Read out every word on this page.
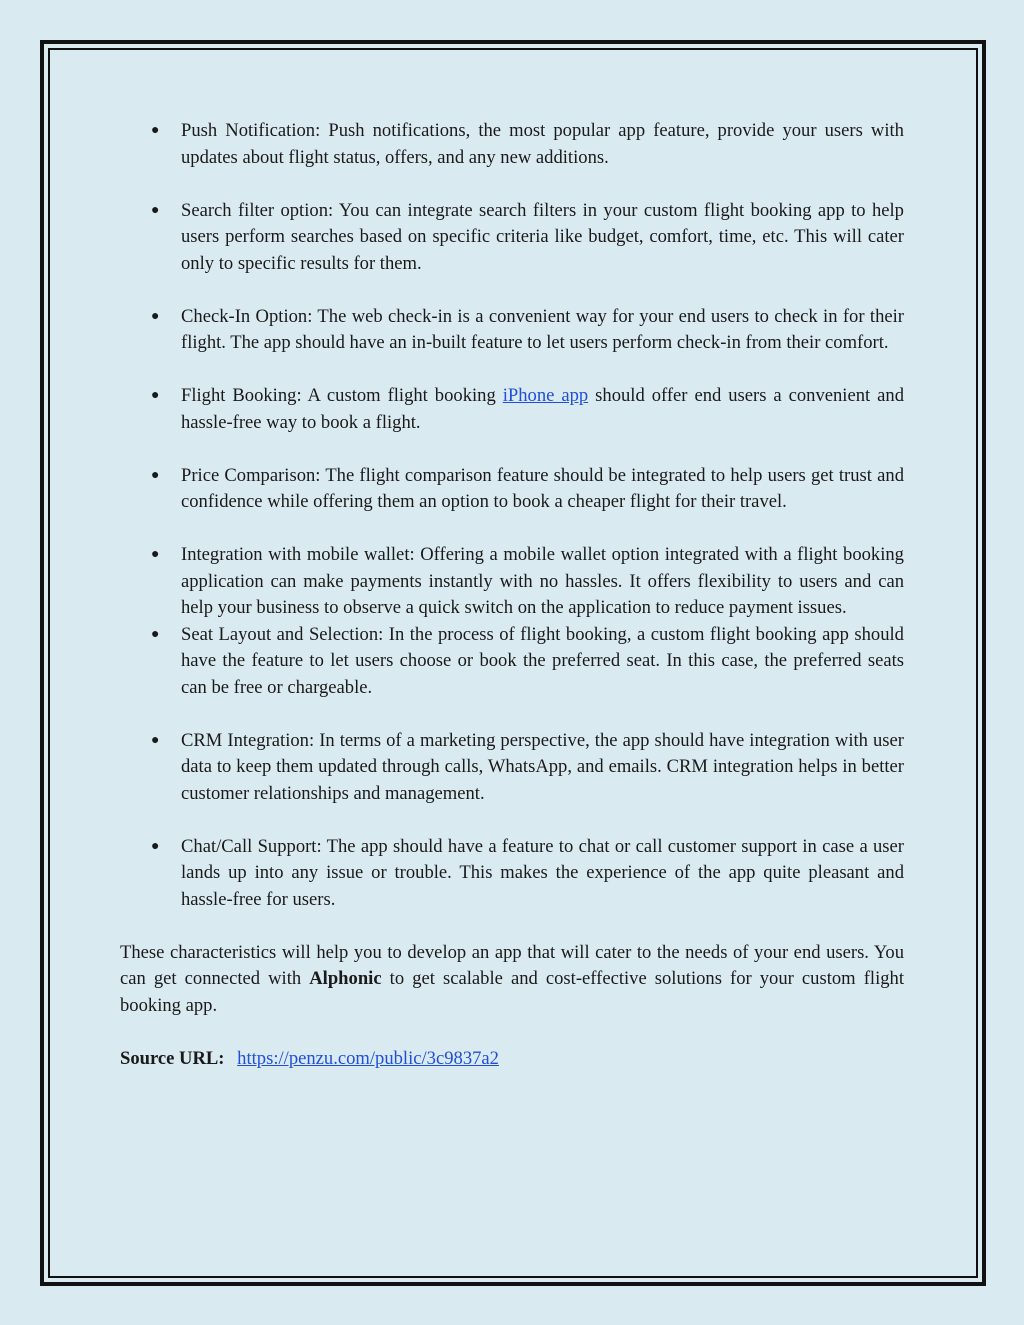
● Push Notification: Push notifications, the most popular app feature, provide your users with updates about flight status, offers, and any new additions.
● Search filter option: You can integrate search filters in your custom flight booking app to help users perform searches based on specific criteria like budget, comfort, time, etc. This will cater only to specific results for them.
● Check-In Option: The web check-in is a convenient way for your end users to check in for their flight. The app should have an in-built feature to let users perform check-in from their comfort.
● Flight Booking: A custom flight booking iPhone app should offer end users a convenient and hassle-free way to book a flight.
● Price Comparison: The flight comparison feature should be integrated to help users get trust and confidence while offering them an option to book a cheaper flight for their travel.
● Integration with mobile wallet: Offering a mobile wallet option integrated with a flight booking application can make payments instantly with no hassles. It offers flexibility to users and can help your business to observe a quick switch on the application to reduce payment issues.
● Seat Layout and Selection: In the process of flight booking, a custom flight booking app should have the feature to let users choose or book the preferred seat. In this case, the preferred seats can be free or chargeable.
● CRM Integration: In terms of a marketing perspective, the app should have integration with user data to keep them updated through calls, WhatsApp, and emails. CRM integration helps in better customer relationships and management.
● Chat/Call Support: The app should have a feature to chat or call customer support in case a user lands up into any issue or trouble. This makes the experience of the app quite pleasant and hassle-free for users.

These characteristics will help you to develop an app that will cater to the needs of your end users. You can get connected with Alphonic to get scalable and cost-effective solutions for your custom flight booking app.

Source URL: https://penzu.com/public/3c9837a2
